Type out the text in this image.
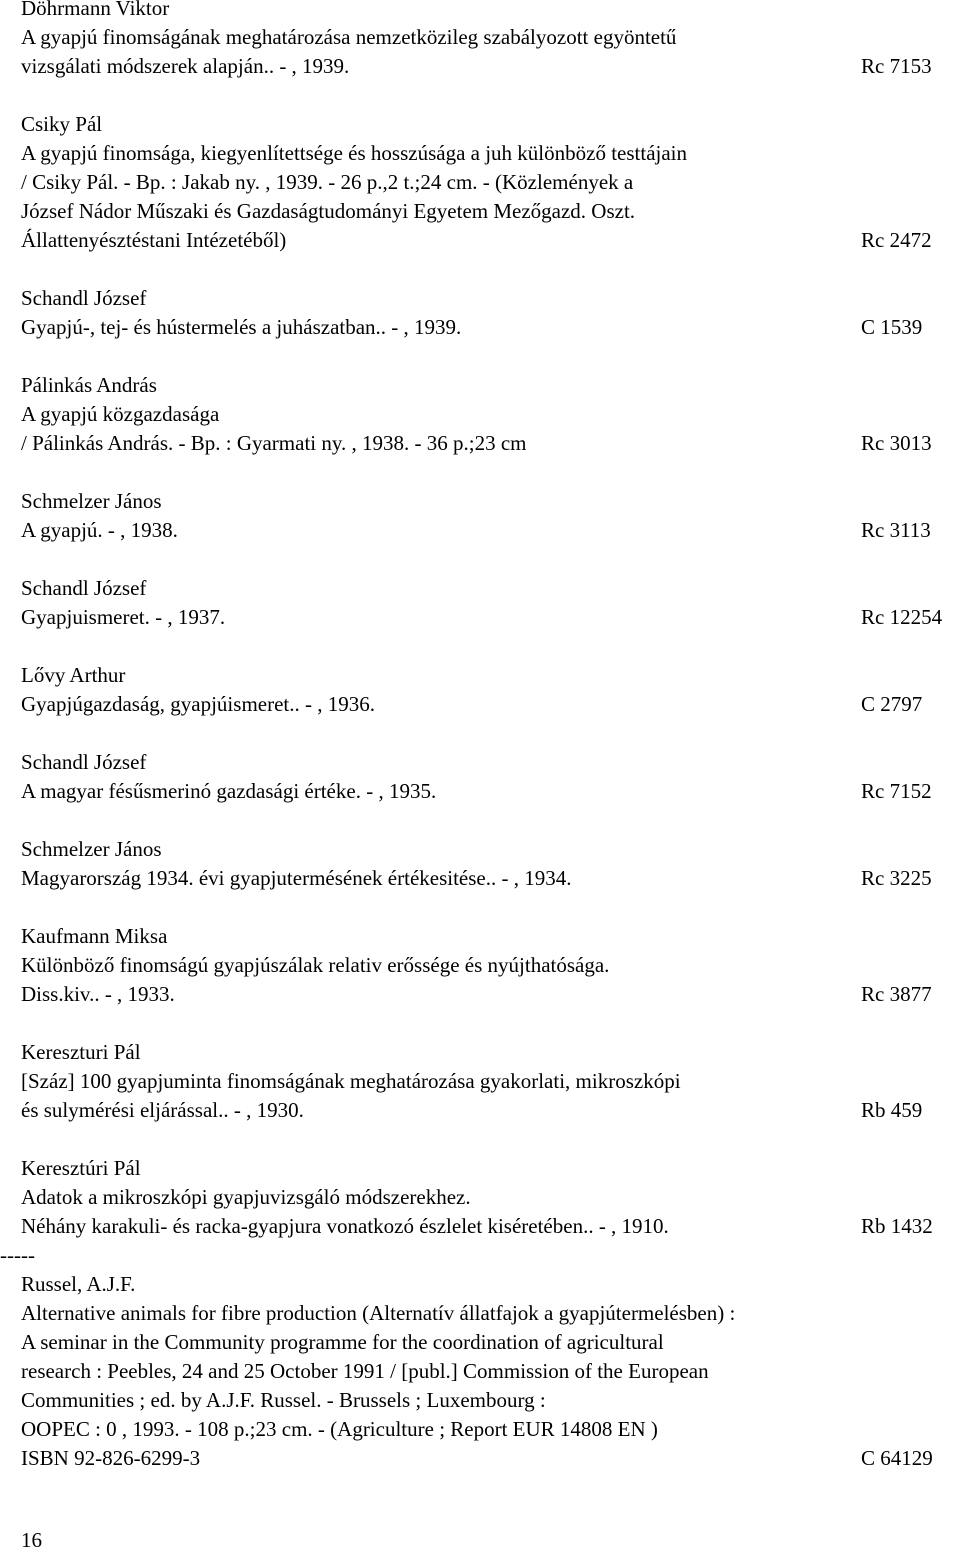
Döhrmann Viktor
A gyapjú finomságának meghatározása nemzetközileg szabályozott egyöntetű
vizsgálati módszerek alapján.. - , 1939.	Rc 7153
Csiky Pál
A gyapjú finomsága, kiegyenlítettsége és hosszúsága a juh különböző testtájain
/ Csiky Pál. - Bp. : Jakab ny. , 1939. - 26 p.,2 t.;24 cm. - (Közlemények a
József Nádor Műszaki és Gazdaságtudományi Egyetem Mezőgazd. Oszt.
Állattenyésztéstani Intézetéből)	Rc 2472
Schandl József
Gyapjú-, tej- és hústermelés a juhászatban.. - , 1939.	C 1539
Pálinkás András
A gyapjú közgazdasága
/ Pálinkás András. - Bp. : Gyarmati ny. , 1938. - 36 p.;23 cm	Rc 3013
Schmelzer János
A gyapjú. - , 1938.	Rc 3113
Schandl József
Gyapjuismeret. - , 1937.	Rc 12254
Lővy Arthur
Gyapjúgazdaság, gyapjúismeret.. - , 1936.	C 2797
Schandl József
A magyar fésűsmerinó gazdasági értéke. - , 1935.	Rc 7152
Schmelzer János
Magyarország 1934. évi gyapjutermésének értékesitése.. - , 1934.	Rc 3225
Kaufmann Miksa
Különböző finomságú gyapjúszálak relativ erőssége és nyújthatósága.
Diss.kiv.. - , 1933.	Rc 3877
Kereszturi Pál
[Száz] 100 gyapjuminta finomságának meghatározása gyakorlati, mikroszkópi
és sulymérési eljárással.. - , 1930.	Rb 459
Keresztúri Pál
Adatok a mikroszkópi gyapjuvizsgáló módszerekhez.
Néhány karakuli- és racka-gyapjura vonatkozó észlelet kiséretében.. - , 1910.	Rb 1432
-----
Russel, A.J.F.
Alternative animals for fibre production (Alternatív állatfajok a gyapjútermelésben) :
A seminar in the Community programme for the coordination of agricultural
research : Peebles, 24 and 25 October 1991 / [publ.] Commission of the European
Communities ; ed. by A.J.F. Russel. - Brussels ; Luxembourg :
OOPEC : 0 , 1993. - 108 p.;23 cm. - (Agriculture ; Report EUR 14808 EN )
ISBN 92-826-6299-3	C 64129
16
